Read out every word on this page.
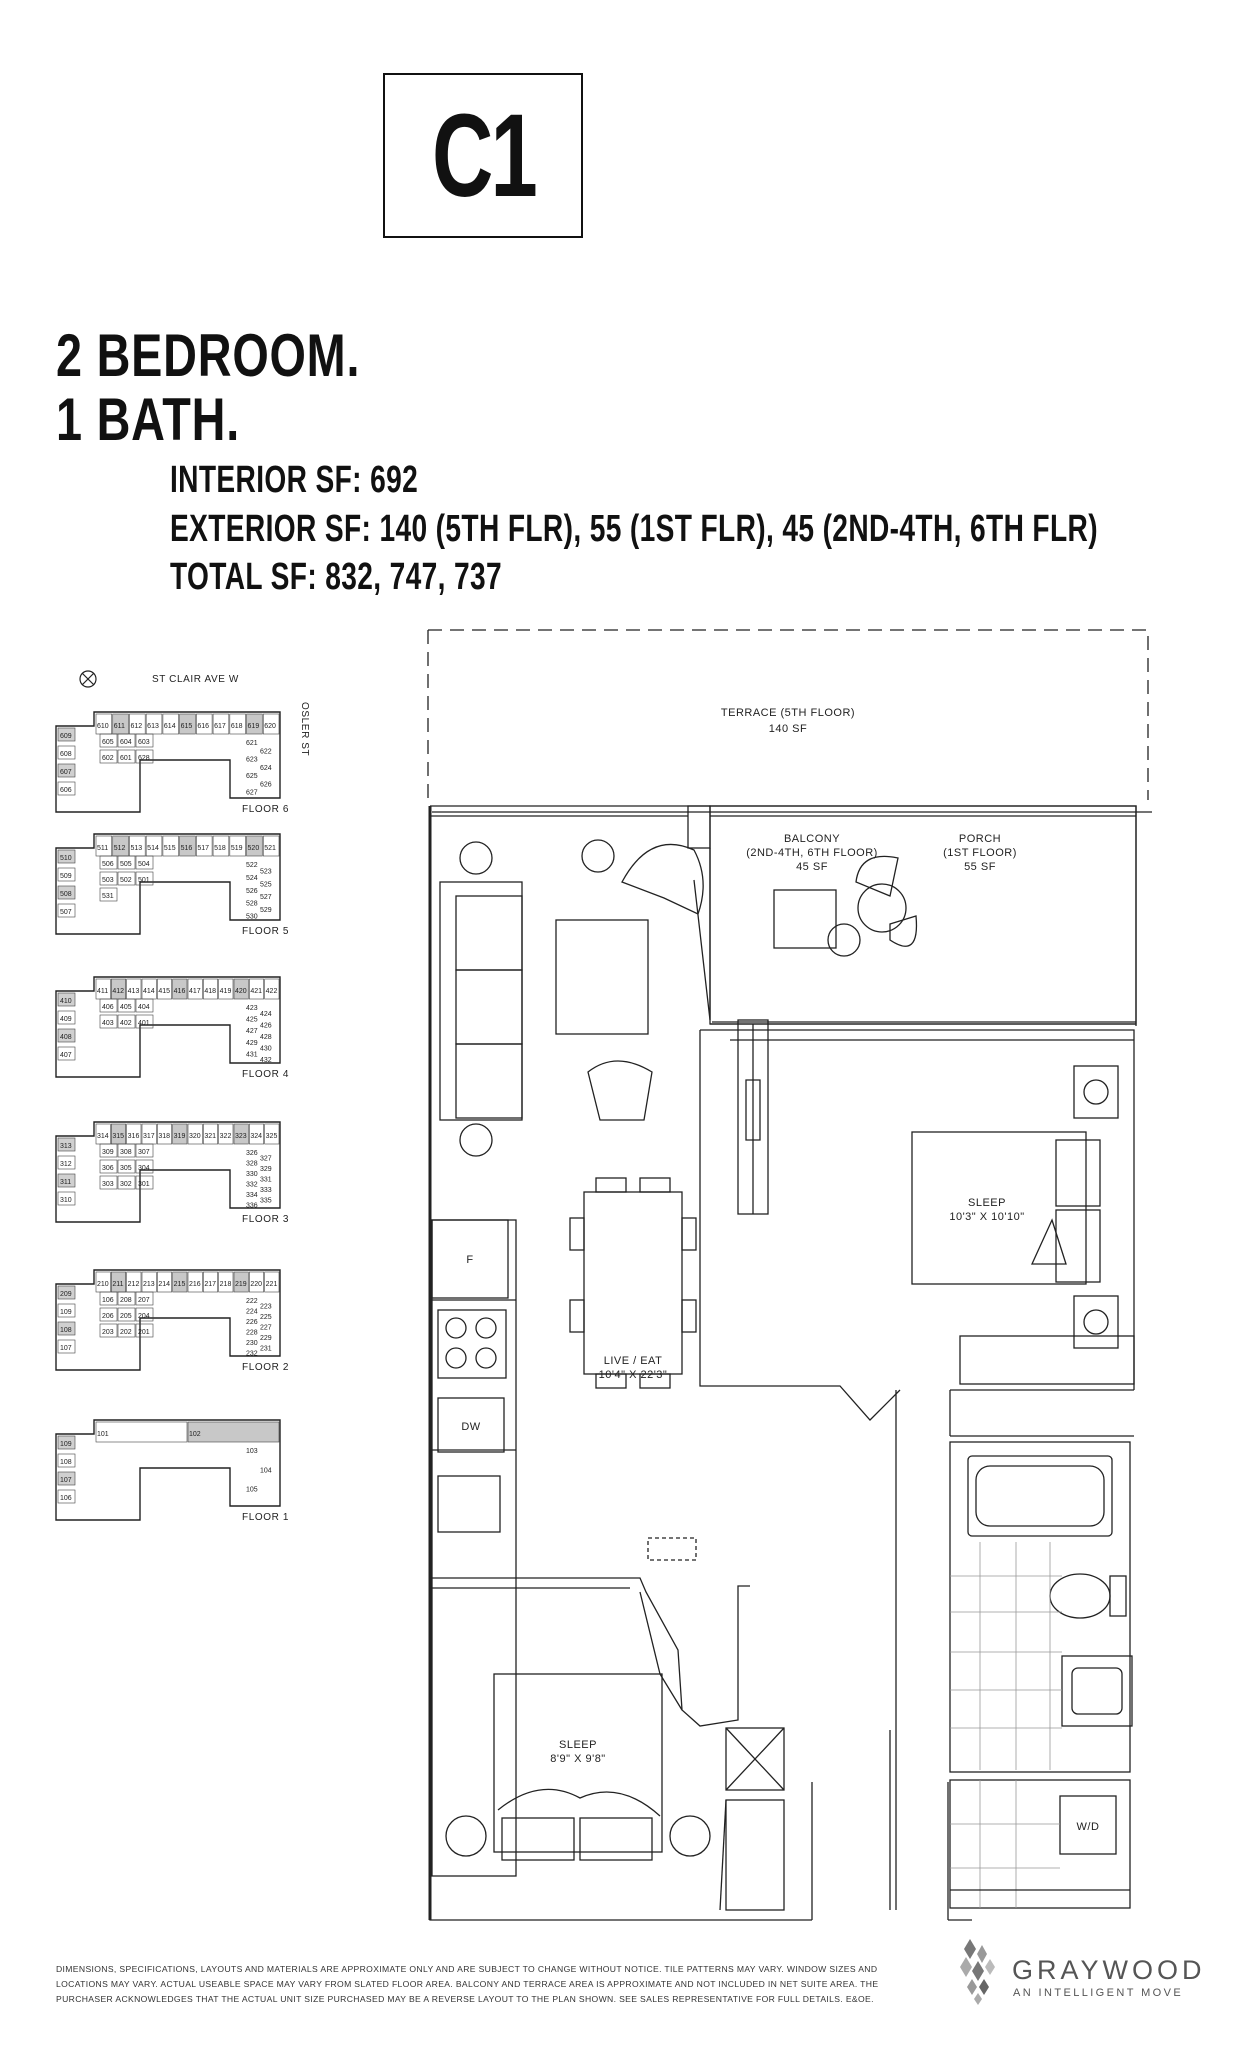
C1
2 BEDROOM.
1 BATH.
INTERIOR SF: 692
EXTERIOR SF: 140 (5TH FLR), 55 (1ST FLR), 45 (2ND-4TH, 6TH FLR)
TOTAL SF: 832, 747, 737
ST CLAIR AVE W
OSLER ST
610 611 612 613 614 615 616 617 618 619 620
621
622
623
624
625
626
627
609
608
607
606
605 604 603
602 601 628
FLOOR 6
511 512 513 514 515 516 517 518 519 520 521
522
523
524
525
526
527
528
529
530
510
509
508
507
506 505 504
503 502 501
531
FLOOR 5
411 412 413 414 415 416 417 418 419 420 421 422
423
424
425
426
427
428
429
430
431
432
410
409
408
407
406 405 404
403 402 401
FLOOR 4
314 315 316 317 318 319 320 321 322 323 324 325
326
327
328
329
330
331
332
333
334
335
336
313
312
311
310
309 308 307
306 305 304
303 302 301
FLOOR 3
210 211 212 213 214 215 216 217 218 219 220 221
222
223
224
225
226
227
228
229
230
231
232
209
109
108
107
106 208 207
206 205 204
203 202 201
FLOOR 2
101	102
103
104
105
109
108
107
106
FLOOR 1
TERRACE (5TH FLOOR)
140 SF
BALCONY
(2ND-4TH, 6TH FLOOR)
45 SF
PORCH
(1ST FLOOR)
55 SF
SLEEP
10'3" X 10'10"
LIVE / EAT
10'4" X 22'3"
SLEEP
8'9" X 9'8"
F
DW
W/D
DIMENSIONS, SPECIFICATIONS, LAYOUTS AND MATERIALS ARE APPROXIMATE ONLY AND ARE SUBJECT TO CHANGE WITHOUT NOTICE. TILE PATTERNS MAY VARY. WINDOW SIZES AND LOCATIONS MAY VARY. ACTUAL USEABLE SPACE MAY VARY FROM SLATED FLOOR AREA. BALCONY AND TERRACE AREA IS APPROXIMATE AND NOT INCLUDED IN NET SUITE AREA. THE PURCHASER ACKNOWLEDGES THAT THE ACTUAL UNIT SIZE PURCHASED MAY BE A REVERSE LAYOUT TO THE PLAN SHOWN. SEE SALES REPRESENTATIVE FOR FULL DETAILS. E&OE.
GRAYWOOD
AN INTELLIGENT MOVE
